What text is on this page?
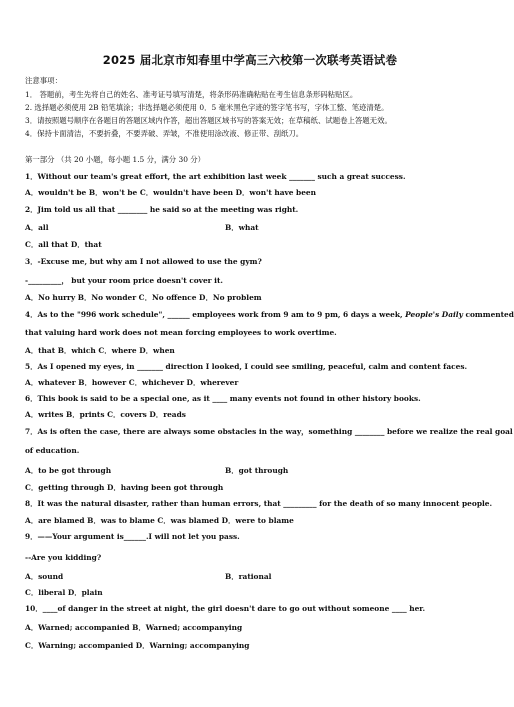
2025 届北京市知春里中学高三六校第一次联考英语试卷
注意事项：
1． 答题前，考生先将自己的姓名、准考证号填写清楚，将条形码准确粘贴在考生信息条形码粘贴区。
2. 选择题必须使用 2B 铅笔填涂；非选择题必须使用 0．5 毫米黑色字迹的签字笔书写，字体工整、笔迹清楚。
3．请按照题号顺序在各题目的答题区域内作答，超出答题区域书写的答案无效；在草稿纸、试题卷上答题无效。
4．保持卡面清洁，不要折叠，不要弄破、弄皱，不准使用涂改液、修正带、刮纸刀。
第一部分 （共 20 小题，每小题 1.5 分，满分 30 分）
1．Without our team's great effort, the art exhibition last week _______ such a great success.
A．wouldn't be B．won't be C．wouldn't have been D．won't have been
2．Jim told us all that ________ he said so at the meeting was right.
A．all	B．what
C．all that D．that
3．-Excuse me, but why am I not allowed to use the gym?
-_________， but your room price doesn't cover it.
A．No hurry B．No wonder C．No offence D．No problem
4．As to the "996 work schedule", ______ employees work from 9 am to 9 pm, 6 days a week, People's Daily commented
that valuing hard work does not mean forcing employees to work overtime.
A．that B．which C．where D．when
5．As I opened my eyes, in _______ direction I looked, I could see smiling, peaceful, calm and content faces.
A．whatever B．however C．whichever D．wherever
6．This book is said to be a special one, as it ____ many events not found in other history books.
A．writes B．prints C．covers D．reads
7．As is often the case, there are always some obstacles in the way，something ________ before we realize the real goal
of education.
A．to be got through	B．got through
C．getting through D．having been got through
8．It was the natural disaster, rather than human errors, that _________ for the death of so many innocent people.
A．are blamed B．was to blame C．was blamed D．were to blame
9．——Your argument is______.I will not let you pass.
--Are you kidding?
A．sound	B．rational
C．liberal D．plain
10．____of danger in the street at night, the girl doesn't dare to go out without someone ____ her.
A．Warned; accompanied B．Warned; accompanying
C．Warning; accompanied D．Warning; accompanying
